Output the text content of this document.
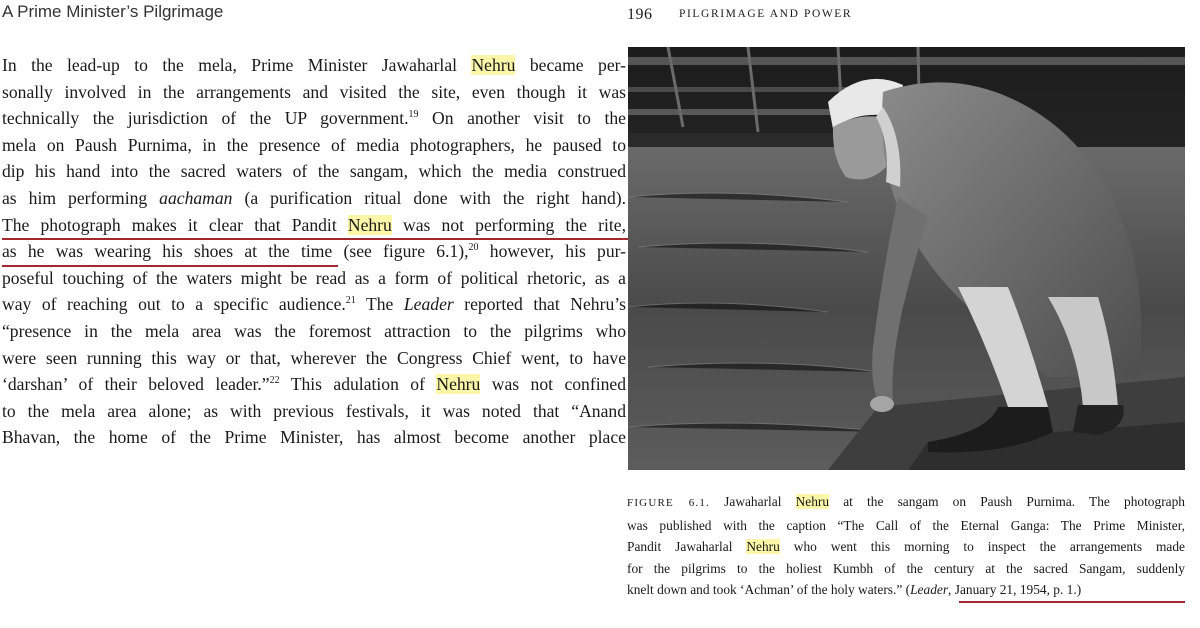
A Prime Minister’s Pilgrimage
In the lead-up to the mela, Prime Minister Jawaharlal Nehru became per-
sonally involved in the arrangements and visited the site, even though it was
technically the jurisdiction of the UP government.$^{19}$ On another visit to the
mela on Paush Purnima, in the presence of media photographers, he paused to
dip his hand into the sacred waters of the sangam, which the media construed
as him performing aachaman (a purification ritual done with the right hand).
The photograph makes it clear that Pandit Nehru was not performing the rite,
as he was wearing his shoes at the time (see figure 6.1),$^{20}$ however, his pur-
poseful touching of the waters might be read as a form of political rhetoric, as a
way of reaching out to a specific audience.$^{21}$ The Leader reported that Nehru’s
“presence in the mela area was the foremost attraction to the pilgrims who
were seen running this way or that, wherever the Congress Chief went, to have
‘darshan’ of their beloved leader.”$^{22}$ This adulation of Nehru was not confined
to the mela area alone; as with previous festivals, it was noted that “Anand
Bhavan, the home of the Prime Minister, has almost become another place
196 PILGRIMAGE AND POWER
FIGURE 6.1. Jawaharlal Nehru at the sangam on Paush Purnima. The photograph
was published with the caption “The Call of the Eternal Ganga: The Prime Minister,
Pandit Jawaharlal Nehru who went this morning to inspect the arrangements made
for the pilgrims to the holiest Kumbh of the century at the sacred Sangam, suddenly
knelt down and took ‘Achman’ of the holy waters.” (Leader, January 21, 1954, p. 1.)
